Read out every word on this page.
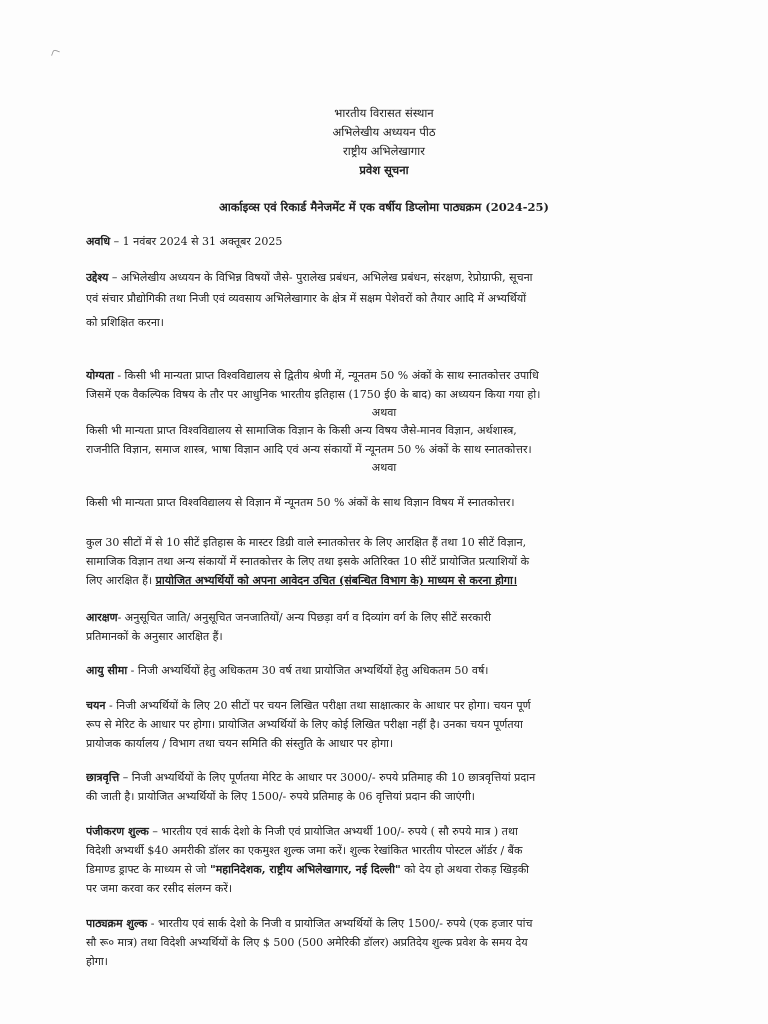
भारतीय विरासत संस्थान
अभिलेखीय अध्ययन पीठ
राष्ट्रीय अभिलेखागार
प्रवेश सूचना
आर्काइव्स एवं रिकार्ड मैनेजमेंट में एक वर्षीय डिप्लोमा पाठ्यक्रम (2024-25)
अवधि – 1 नवंबर 2024 से 31 अक्तूबर 2025
उद्देश्य – अभिलेखीय अध्ययन के विभिन्न विषयों जैसे- पुरालेख प्रबंधन, अभिलेख प्रबंधन, संरक्षण, रेप्रोग्राफी, सूचना
एवं संचार प्रौद्योगिकी तथा निजी एवं व्यवसाय अभिलेखागार के क्षेत्र में सक्षम पेशेवरों को तैयार आदि में अभ्यर्थियों
को प्रशिक्षित करना।
योग्यता - किसी भी मान्यता प्राप्त विश्वविद्यालय से द्वितीय श्रेणी में, न्यूनतम 50 % अंकों के साथ स्नातकोत्तर उपाधि
जिसमें एक वैकल्पिक विषय के तौर पर आधुनिक भारतीय इतिहास (1750 ई0 के बाद) का अध्ययन किया गया हो।
अथवा
किसी भी मान्यता प्राप्त विश्वविद्यालय से सामाजिक विज्ञान के किसी अन्य विषय जैसे-मानव विज्ञान, अर्थशास्त्र,
राजनीति विज्ञान, समाज शास्त्र, भाषा विज्ञान आदि एवं अन्य संकायों में न्यूनतम 50 % अंकों के साथ स्नातकोत्तर।
अथवा
किसी भी मान्यता प्राप्त विश्वविद्यालय से विज्ञान में न्यूनतम 50 % अंकों के साथ विज्ञान विषय में स्नातकोत्तर।
कुल 30 सीटों में से 10 सीटें इतिहास के मास्टर डिग्री वाले स्नातकोत्तर के लिए आरक्षित हैं तथा 10 सीटें विज्ञान,
सामाजिक विज्ञान तथा अन्य संकायों में स्नातकोत्तर के लिए तथा इसके अतिरिक्त 10 सीटें प्रायोजित प्रत्याशियों के
लिए आरक्षित हैं। प्रायोजित अभ्यर्थियों को अपना आवेदन उचित (संबन्धित विभाग के) माध्यम से करना होगा।
आरक्षण- अनुसूचित जाति/ अनुसूचित जनजातियों/ अन्य पिछड़ा वर्ग व दिव्यांग वर्ग के लिए सीटें सरकारी
प्रतिमानकों के अनुसार आरक्षित हैं।
आयु सीमा - निजी अभ्यर्थियों हेतु अधिकतम 30 वर्ष तथा प्रायोजित अभ्यर्थियों हेतु अधिकतम 50 वर्ष।
चयन - निजी अभ्यर्थियों के लिए 20 सीटों पर चयन लिखित परीक्षा तथा साक्षात्कार के आधार पर होगा। चयन पूर्ण
रूप से मेरिट के आधार पर होगा। प्रायोजित अभ्यर्थियों के लिए कोई लिखित परीक्षा नहीं है। उनका चयन पूर्णतया
प्रायोजक कार्यालय / विभाग तथा चयन समिति की संस्तुति के आधार पर होगा।
छात्रवृत्ति – निजी अभ्यर्थियों के लिए पूर्णतया मेरिट के आधार पर 3000/- रुपये प्रतिमाह की 10 छात्रवृत्तियां प्रदान
की जाती है। प्रायोजित अभ्यर्थियों के लिए 1500/- रुपये प्रतिमाह के 06 वृत्तियां प्रदान की जाएंगी।
पंजीकरण शुल्क – भारतीय एवं सार्क देशो के निजी एवं प्रायोजित अभ्यर्थी 100/- रुपये ( सौ रुपये मात्र ) तथा
विदेशी अभ्यर्थी $40 अमरीकी डॉलर का एकमुश्त शुल्क जमा करें। शुल्क रेखांकित भारतीय पोस्टल ऑर्डर / बैंक
डिमाण्ड ड्राफ्ट के माध्यम से जो "महानिदेशक, राष्ट्रीय अभिलेखागार, नई दिल्ली" को देय हो अथवा रोकड़ खिड़की
पर जमा करवा कर रसीद संलग्न करें।
पाठ्यक्रम शुल्क - भारतीय एवं सार्क देशो के निजी व प्रायोजित अभ्यर्थियों के लिए 1500/- रुपये (एक हजार पांच
सौ रू० मात्र) तथा विदेशी अभ्यर्थियों के लिए $ 500 (500 अमेरिकी डॉलर) अप्रतिदेय शुल्क प्रवेश के समय देय
होगा।
